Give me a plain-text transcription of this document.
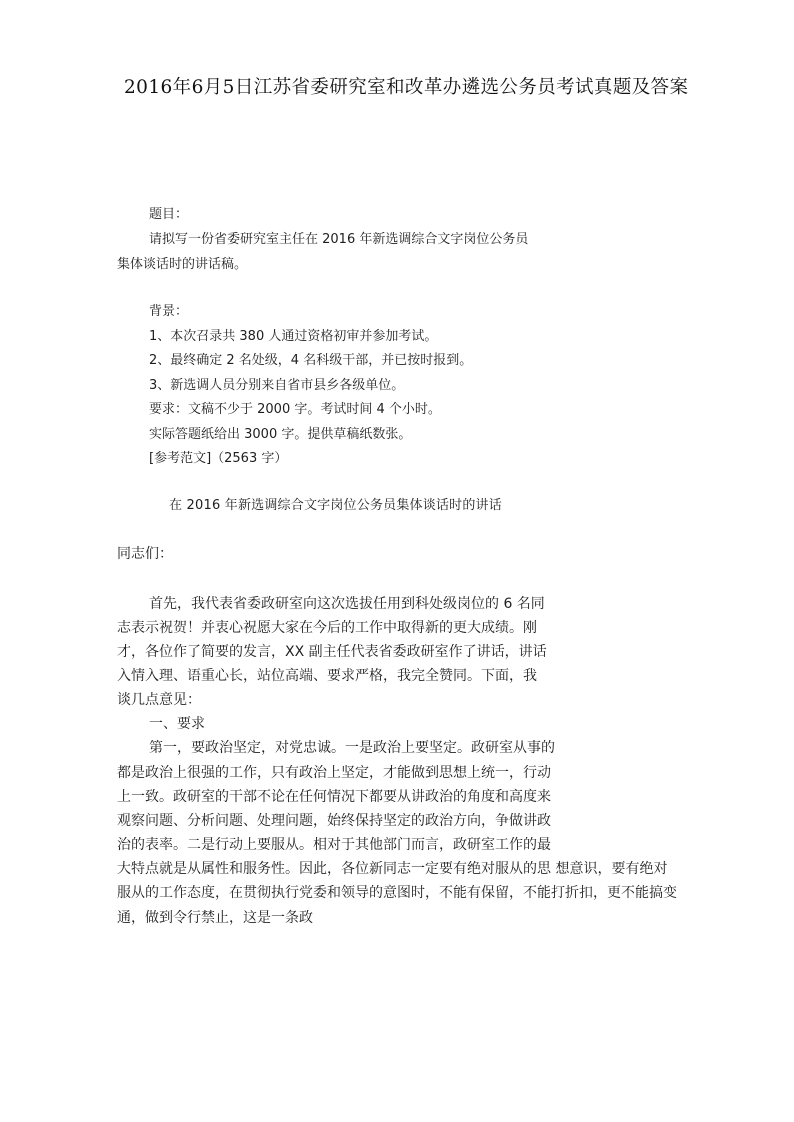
2016年6月5日江苏省委研究室和改革办遴选公务员考试真题及答案
题目：
请拟写一份省委研究室主任在 2016 年新选调综合文字岗位公务员
集体谈话时的讲话稿。
背景：
1、本次召录共 380 人通过资格初审并参加考试。
2、最终确定 2 名处级，4 名科级干部，并已按时报到。
3、新选调人员分别来自省市县乡各级单位。
要求：文稿不少于 2000 字。考试时间 4 个小时。
实际答题纸给出 3000 字。提供草稿纸数张。
[参考范文]（2563 字）
在 2016 年新选调综合文字岗位公务员集体谈话时的讲话
同志们：
首先，我代表省委政研室向这次选拔任用到科处级岗位的 6 名同
志表示祝贺！并衷心祝愿大家在今后的工作中取得新的更大成绩。刚
才，各位作了简要的发言，XX 副主任代表省委政研室作了讲话，讲话
入情入理、语重心长，站位高端、要求严格，我完全赞同。下面，我
谈几点意见：
一、要求
第一，要政治坚定，对党忠诚。一是政治上要坚定。政研室从事的
都是政治上很强的工作，只有政治上坚定，才能做到思想上统一，行动
上一致。政研室的干部不论在任何情况下都要从讲政治的角度和高度来
观察问题、分析问题、处理问题，始终保持坚定的政治方向，争做讲政
治的表率。二是行动上要服从。相对于其他部门而言，政研室工作的最
大特点就是从属性和服务性。因此，各位新同志一定要有绝对服从的思 想意识，要有绝对
服从的工作态度，在贯彻执行党委和领导的意图时，不能有保留，不能打折扣，更不能搞变
通，做到令行禁止，这是一条政
